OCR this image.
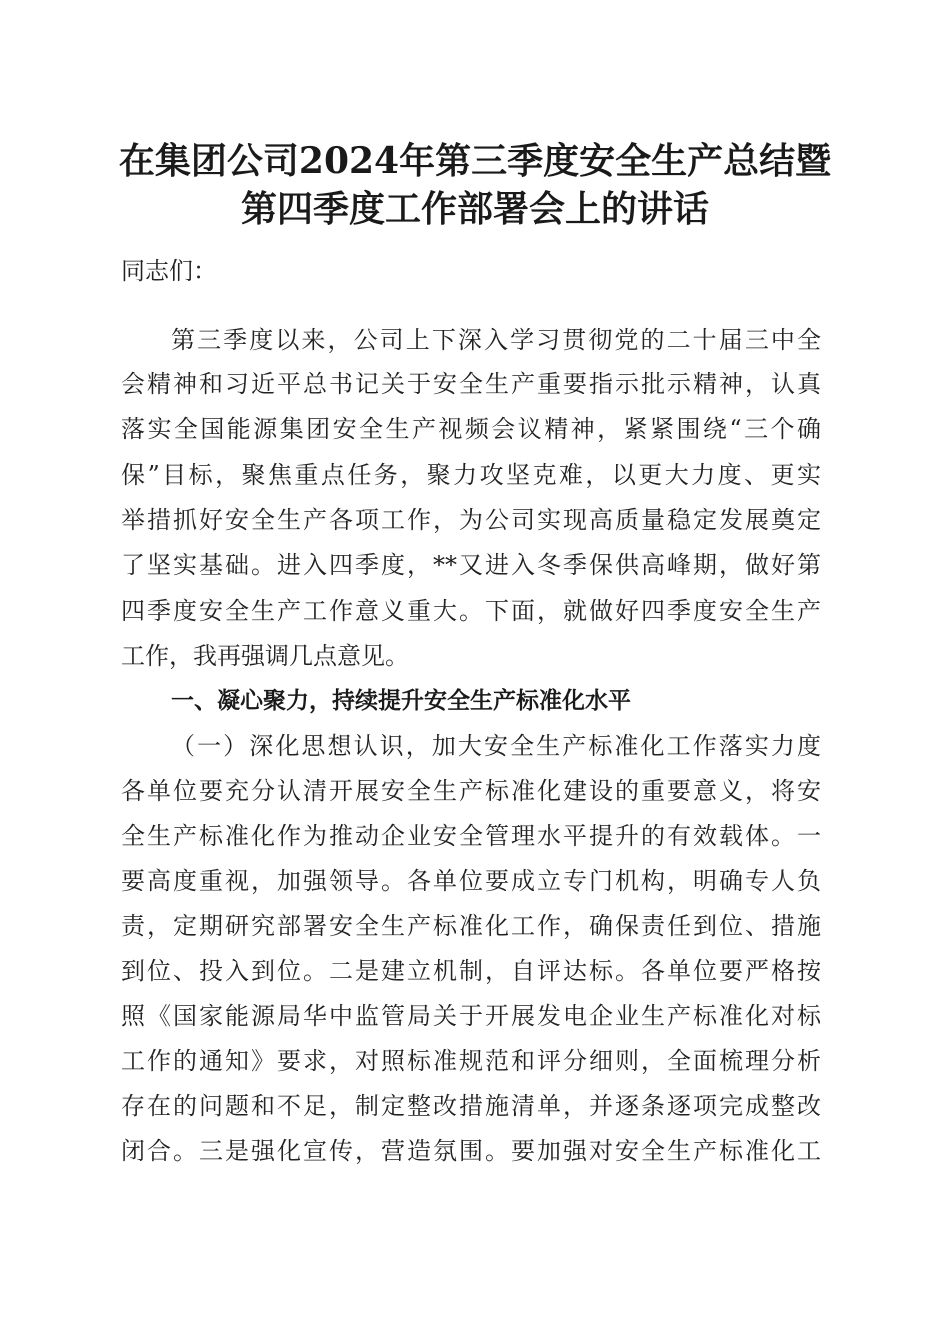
在集团公司2024年第三季度安全生产总结暨
第四季度工作部署会上的讲话
同志们：
第三季度以来，公司上下深入学习贯彻党的二十届三中全
会精神和习近平总书记关于安全生产重要指示批示精神，认真
落实全国能源集团安全生产视频会议精神，紧紧围绕“三个确
保”目标，聚焦重点任务，聚力攻坚克难，以更大力度、更实
举措抓好安全生产各项工作，为公司实现高质量稳定发展奠定
了坚实基础。进入四季度，**又进入冬季保供高峰期，做好第
四季度安全生产工作意义重大。下面，就做好四季度安全生产
工作，我再强调几点意见。
一、凝心聚力，持续提升安全生产标准化水平
（一）深化思想认识，加大安全生产标准化工作落实力度
各单位要充分认清开展安全生产标准化建设的重要意义，将安
全生产标准化作为推动企业安全管理水平提升的有效载体。一
要高度重视，加强领导。各单位要成立专门机构，明确专人负
责，定期研究部署安全生产标准化工作，确保责任到位、措施
到位、投入到位。二是建立机制，自评达标。各单位要严格按
照《国家能源局华中监管局关于开展发电企业生产标准化对标
工作的通知》要求，对照标准规范和评分细则，全面梳理分析
存在的问题和不足，制定整改措施清单，并逐条逐项完成整改
闭合。三是强化宣传，营造氛围。要加强对安全生产标准化工
